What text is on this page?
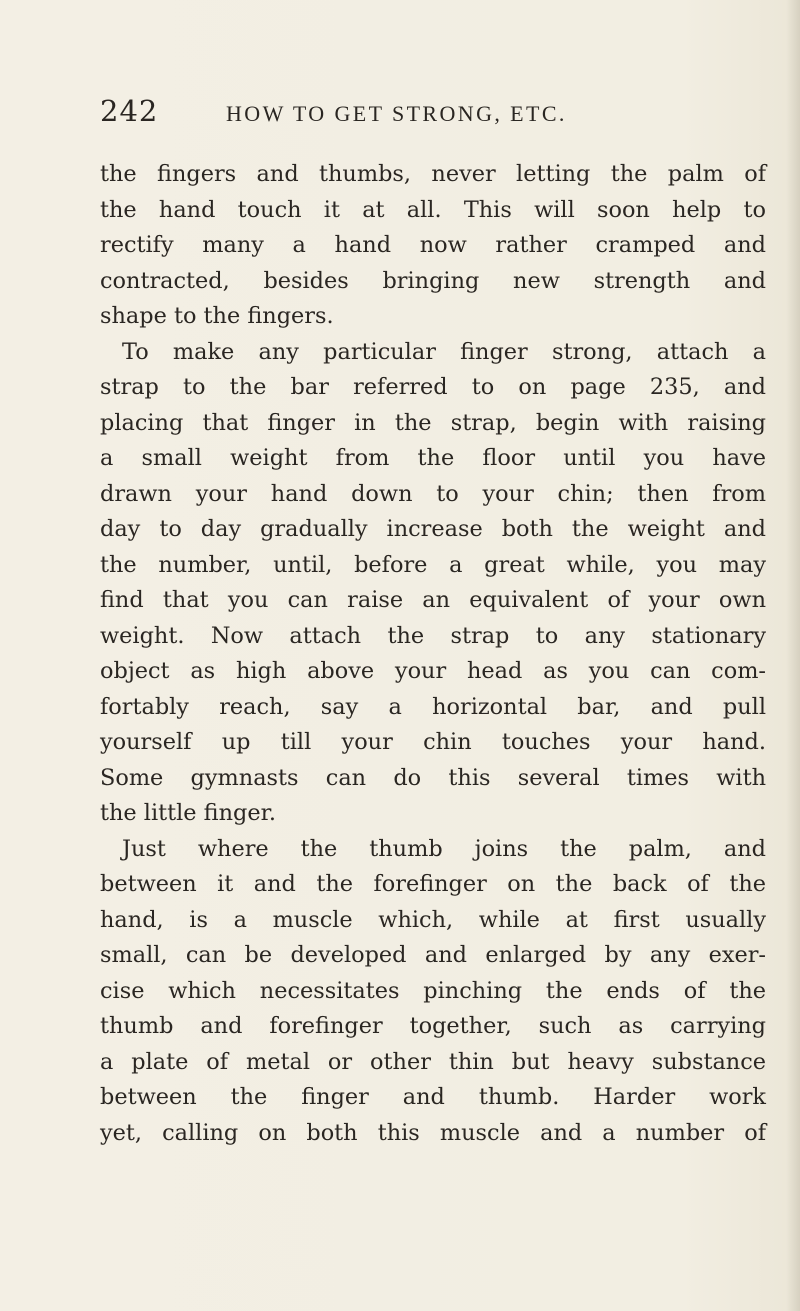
242	HOW TO GET STRONG, ETC.
the fingers and thumbs, never letting the palm of
the hand touch it at all. This will soon help to
rectify many a hand now rather cramped and
contracted, besides bringing new strength and
shape to the fingers.
To make any particular finger strong, attach a
strap to the bar referred to on page 235, and
placing that finger in the strap, begin with raising
a small weight from the floor until you have
drawn your hand down to your chin; then from
day to day gradually increase both the weight and
the number, until, before a great while, you may
find that you can raise an equivalent of your own
weight. Now attach the strap to any stationary
object as high above your head as you can com-
fortably reach, say a horizontal bar, and pull
yourself up till your chin touches your hand.
Some gymnasts can do this several times with
the little finger.
Just where the thumb joins the palm, and
between it and the forefinger on the back of the
hand, is a muscle which, while at first usually
small, can be developed and enlarged by any exer-
cise which necessitates pinching the ends of the
thumb and forefinger together, such as carrying
a plate of metal or other thin but heavy substance
between the finger and thumb. Harder work
yet, calling on both this muscle and a number of
